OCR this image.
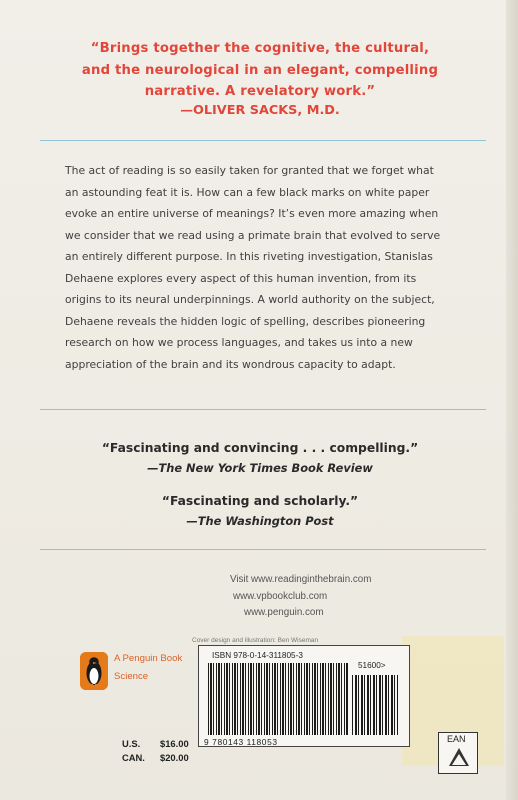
“Brings together the cognitive, the cultural,
and the neurological in an elegant, compelling
narrative. A revelatory work.”
—OLIVER SACKS, M.D.
The act of reading is so easily taken for granted that we forget what
an astounding feat it is. How can a few black marks on white paper
evoke an entire universe of meanings? It’s even more amazing when
we consider that we read using a primate brain that evolved to serve
an entirely different purpose. In this riveting investigation, Stanislas
Dehaene explores every aspect of this human invention, from its
origins to its neural underpinnings. A world authority on the subject,
Dehaene reveals the hidden logic of spelling, describes pioneering
research on how we process languages, and takes us into a new
appreciation of the brain and its wondrous capacity to adapt.
“Fascinating and convincing . . . compelling.”
—The New York Times Book Review
“Fascinating and scholarly.”
—The Washington Post
Visit www.readinginthebrain.com
www.vpbookclub.com
www.penguin.com
Cover design and illustration: Ben Wiseman
A Penguin Book
Science
U.S. $16.00
CAN. $20.00
ISBN 978-0-14-311805-3
51600>
9 780143 118053	EAN
